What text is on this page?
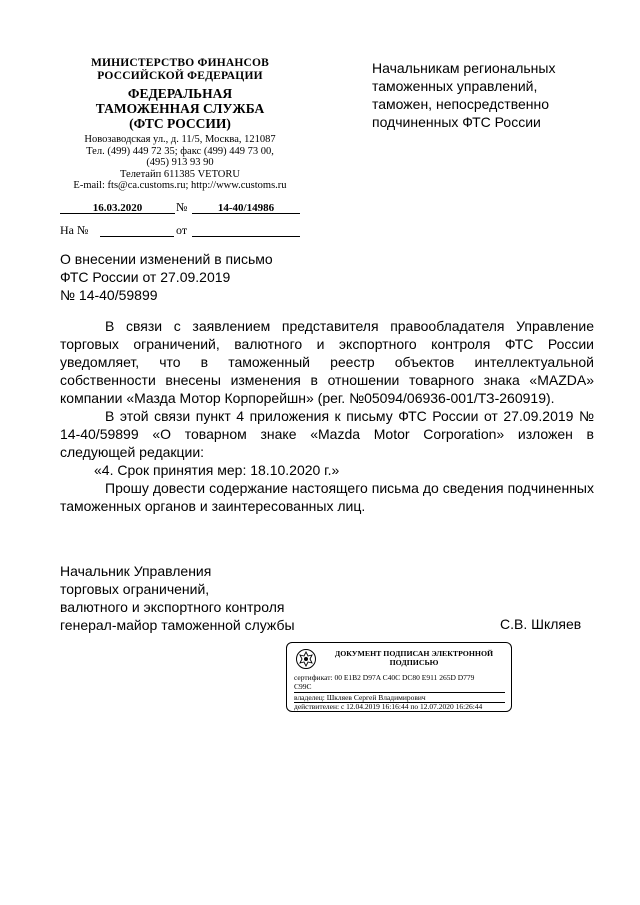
МИНИСТЕРСТВО ФИНАНСОВ
РОССИЙСКОЙ ФЕДЕРАЦИИ
ФЕДЕРАЛЬНАЯ
ТАМОЖЕННАЯ СЛУЖБА
(ФТС РОССИИ)
Новозаводская ул., д. 11/5, Москва, 121087
Тел. (499) 449 72 35; факс (499) 449 73 00,
(495) 913 93 90
Телетайп 611385 VETORU
E-mail: fts@ca.customs.ru; http://www.customs.ru
Начальникам региональных
таможенных управлений,
таможен, непосредственно
подчиненных ФТС России
16.03.2020	№	14-40/14986
На №	от
О внесении изменений в письмо
ФТС России от 27.09.2019
№ 14-40/59899

В связи с заявлением представителя правообладателя Управление торговых ограничений, валютного и экспортного контроля ФТС России уведомляет, что в таможенный реестр объектов интеллектуальной собственности внесены изменения в отношении товарного знака «MAZDA» компании «Мазда Мотор Корпорейшн» (рег. №05094/06936-001/ТЗ-260919).

В этой связи пункт 4 приложения к письму ФТС России от 27.09.2019 № 14-40/59899 «О товарном знаке «Mazda Motor Corporation» изложен в следующей редакции:

«4. Срок принятия мер: 18.10.2020 г.»

Прошу довести содержание настоящего письма до сведения подчиненных таможенных органов и заинтересованных лиц.

Начальник Управления
торговых ограничений,
валютного и экспортного контроля
генерал-майор таможенной службы	С.В. Шкляев
ДОКУМЕНТ ПОДПИСАН ЭЛЕКТРОННОЙ
ПОДПИСЬЮ
сертификат: 00 E1B2 D97A C40C DC80 E911 265D D779
C99C
владелец: Шкляев Сергей Владимирович
действителен: с 12.04.2019 16:16:44 по 12.07.2020 16:26:44
